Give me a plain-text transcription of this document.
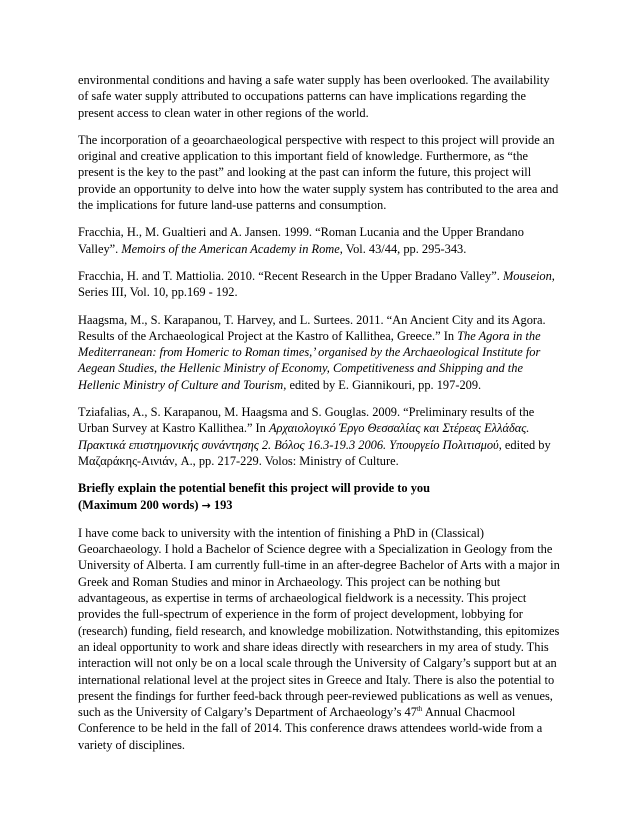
environmental conditions and having a safe water supply has been overlooked. The availability of safe water supply attributed to occupations patterns can have implications regarding the present access to clean water in other regions of the world.

The incorporation of a geoarchaeological perspective with respect to this project will provide an original and creative application to this important field of knowledge. Furthermore, as “the present is the key to the past” and looking at the past can inform the future, this project will provide an opportunity to delve into how the water supply system has contributed to the area and the implications for future land-use patterns and consumption.

Fracchia, H., M. Gualtieri and A. Jansen. 1999. “Roman Lucania and the Upper Brandano Valley”. Memoirs of the American Academy in Rome, Vol. 43/44, pp. 295-343.

Fracchia, H. and T. Mattiolia. 2010. “Recent Research in the Upper Bradano Valley”. Mouseion, Series III, Vol. 10, pp.169 - 192.

Haagsma, M., S. Karapanou, T. Harvey, and L. Surtees. 2011. “An Ancient City and its Agora. Results of the Archaeological Project at the Kastro of Kallithea, Greece.” In The Agora in the Mediterranean: from Homeric to Roman times,’ organised by the Archaeological Institute for Aegean Studies, the Hellenic Ministry of Economy, Competitiveness and Shipping and the Hellenic Ministry of Culture and Tourism, edited by E. Giannikouri, pp. 197-209.

Tziafalias, A., S. Karapanou, M. Haagsma and S. Gouglas. 2009. “Preliminary results of the Urban Survey at Kastro Kallithea.” In Αρχαιολογικό Έργο Θεσσαλίας και Στέρεας Ελλάδας. Πρακτικά επιστημονικής συνάντησης 2. Βόλος 16.3-19.3 2006. Υπουργείο Πολιτισμού, edited by Μαζαράκης-Αινιάν, A., pp. 217-229. Volos: Ministry of Culture.

Briefly explain the potential benefit this project will provide to you
(Maximum 200 words) → 193

I have come back to university with the intention of finishing a PhD in (Classical) Geoarchaeology. I hold a Bachelor of Science degree with a Specialization in Geology from the University of Alberta. I am currently full-time in an after-degree Bachelor of Arts with a major in Greek and Roman Studies and minor in Archaeology. This project can be nothing but advantageous, as expertise in terms of archaeological fieldwork is a necessity. This project provides the full-spectrum of experience in the form of project development, lobbying for (research) funding, field research, and knowledge mobilization. Notwithstanding, this epitomizes an ideal opportunity to work and share ideas directly with researchers in my area of study. This interaction will not only be on a local scale through the University of Calgary’s support but at an international relational level at the project sites in Greece and Italy. There is also the potential to present the findings for further feed-back through peer-reviewed publications as well as venues, such as the University of Calgary’s Department of Archaeology’s 47th Annual Chacmool Conference to be held in the fall of 2014. This conference draws attendees world-wide from a variety of disciplines.
